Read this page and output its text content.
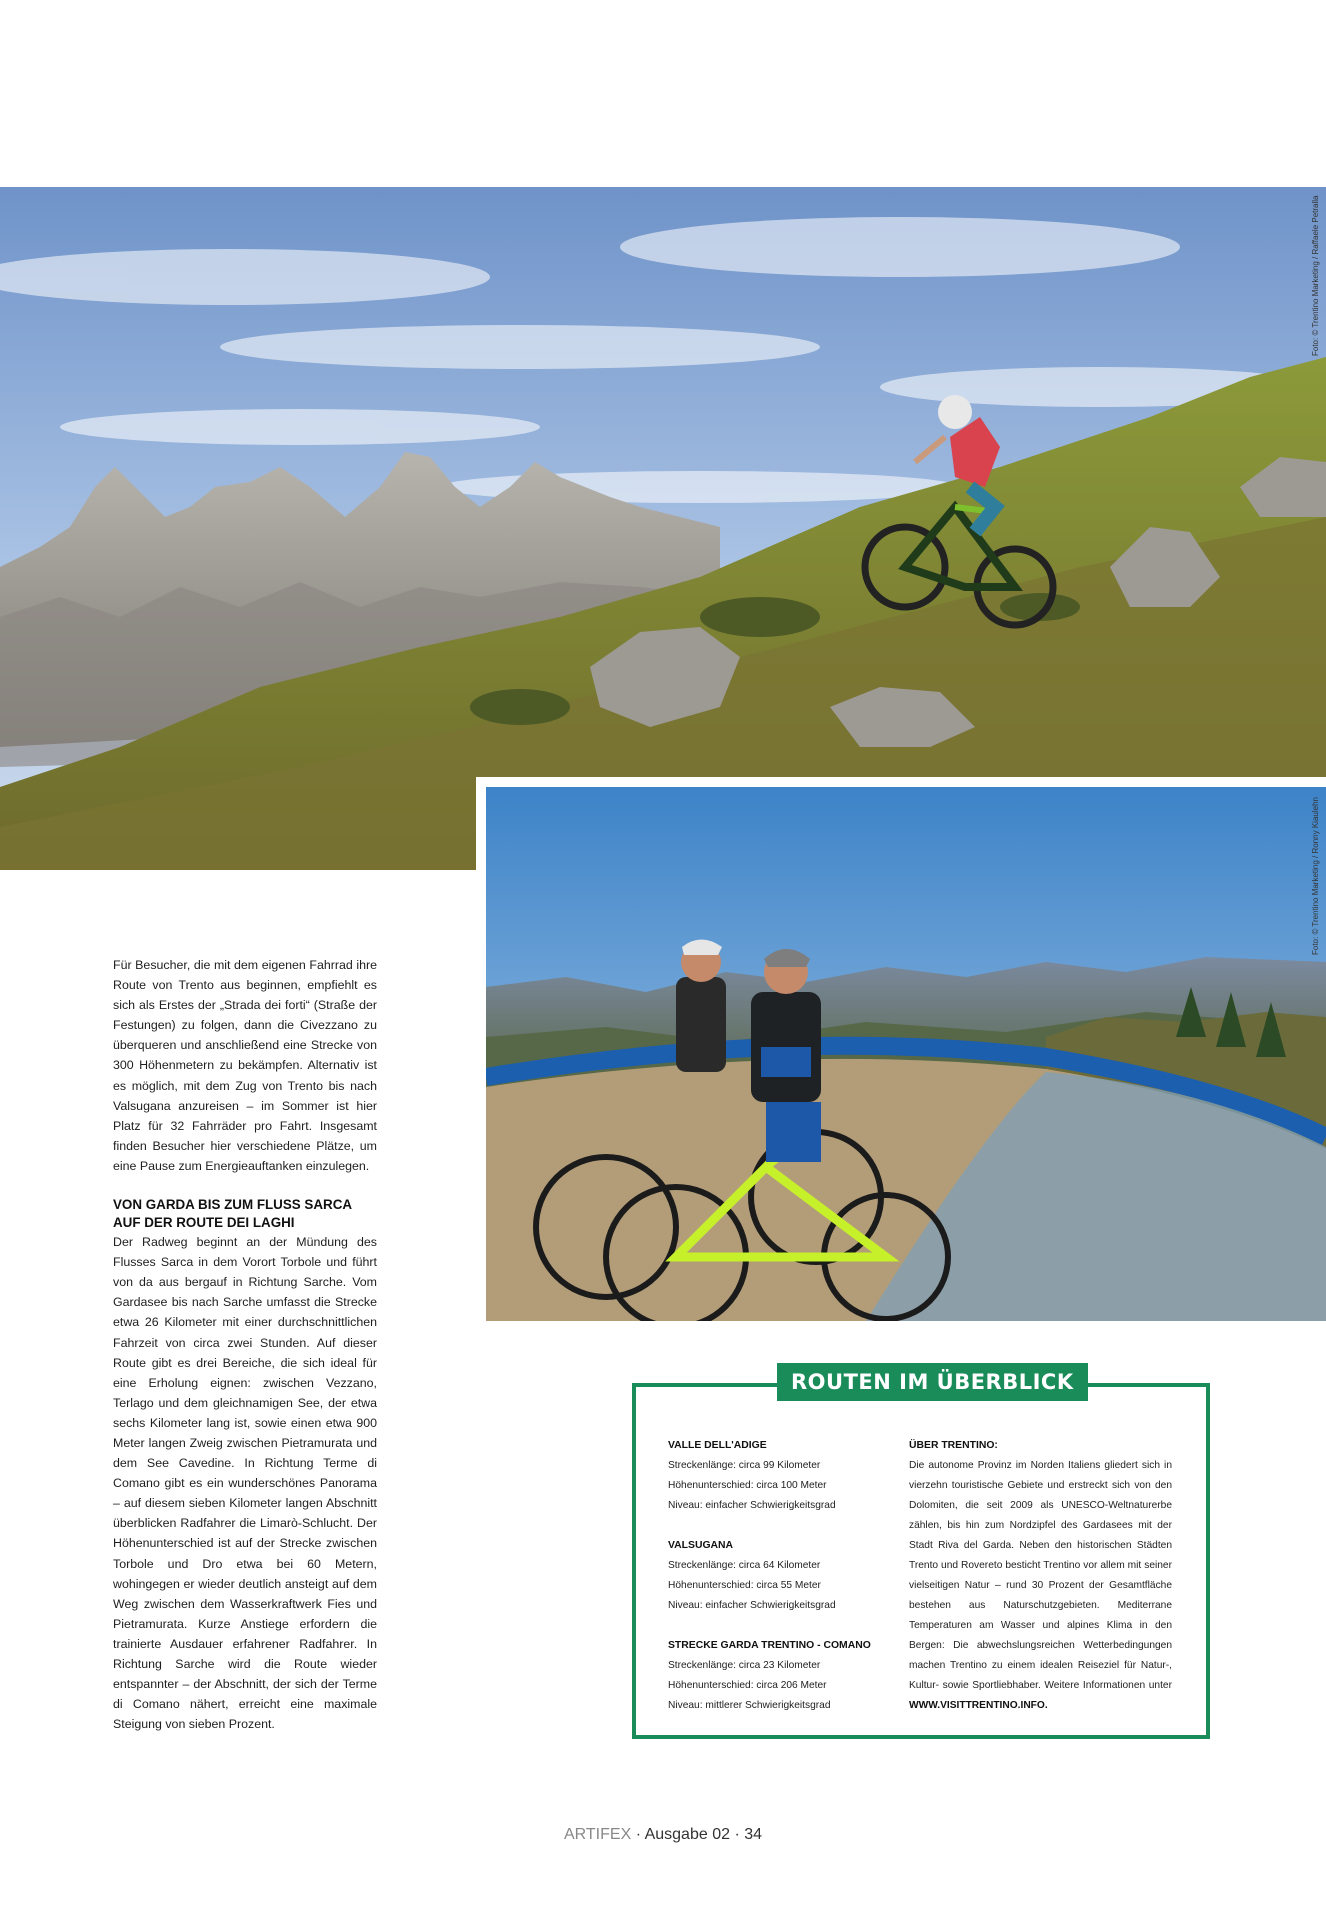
Foto: © Trentino Marketing / Raffaele Petralla
Foto: © Trentino Marketing / Ronny Kiaulehn

Für Besucher, die mit dem eigenen Fahrrad ihre Route von Trento aus beginnen, empfiehlt es sich als Erstes der „Strada dei forti“ (Straße der Festungen) zu folgen, dann die Civezzano zu überqueren und anschließend eine Strecke von 300 Höhenmetern zu bekämpfen. Alternativ ist es möglich, mit dem Zug von Trento bis nach Valsugana anzureisen – im Sommer ist hier Platz für 32 Fahrräder pro Fahrt. Insgesamt finden Besucher hier verschiedene Plätze, um eine Pause zum Energieauftanken einzulegen.

VON GARDA BIS ZUM FLUSS SARCA AUF DER ROUTE DEI LAGHI

Der Radweg beginnt an der Mündung des Flusses Sarca in dem Vorort Torbole und führt von da aus bergauf in Richtung Sarche. Vom Gardasee bis nach Sarche umfasst die Strecke etwa 26 Kilometer mit einer durchschnittlichen Fahrzeit von circa zwei Stunden. Auf dieser Route gibt es drei Bereiche, die sich ideal für eine Erholung eignen: zwischen Vezzano, Terlago und dem gleichnamigen See, der etwa sechs Kilometer lang ist, sowie einen etwa 900 Meter langen Zweig zwischen Pietramurata und dem See Cavedine. In Richtung Terme di Comano gibt es ein wunderschönes Panorama – auf diesem sieben Kilometer langen Abschnitt überblicken Radfahrer die Limarò-Schlucht. Der Höhenunterschied ist auf der Strecke zwischen Torbole und Dro etwa bei 60 Metern, wohingegen er wieder deutlich ansteigt auf dem Weg zwischen dem Wasserkraftwerk Fies und Pietramurata. Kurze Anstiege erfordern die trainierte Ausdauer erfahrener Radfahrer. In Richtung Sarche wird die Route wieder entspannter – der Abschnitt, der sich der Terme di Comano nähert, erreicht eine maximale Steigung von sieben Prozent.

ROUTEN IM ÜBERBLICK
VALLE DELL'ADIGE
Streckenlänge: circa 99 Kilometer
Höhenunterschied: circa 100 Meter
Niveau: einfacher Schwierigkeitsgrad
VALSUGANA
Streckenlänge: circa 64 Kilometer
Höhenunterschied: circa 55 Meter
Niveau: einfacher Schwierigkeitsgrad
STRECKE GARDA TRENTINO - COMANO
Streckenlänge: circa 23 Kilometer
Höhenunterschied: circa 206 Meter
Niveau: mittlerer Schwierigkeitsgrad
ÜBER TRENTINO:
Die autonome Provinz im Norden Italiens gliedert sich in vierzehn touristische Gebiete und erstreckt sich von den Dolomiten, die seit 2009 als UNESCO-Weltnaturerbe zählen, bis hin zum Nordzipfel des Gardasees mit der Stadt Riva del Garda. Neben den historischen Städten Trento und Rovereto besticht Trentino vor allem mit seiner vielseitigen Natur – rund 30 Prozent der Gesamtfläche bestehen aus Naturschutzgebieten. Mediterrane Temperaturen am Wasser und alpines Klima in den Bergen: Die abwechslungsreichen Wetterbedingungen machen Trentino zu einem idealen Reiseziel für Natur-, Kultur- sowie Sportliebhaber. Weitere Informationen unter WWW.VISITTRENTINO.INFO.
ARTIFEX · Ausgabe 02 · 34
